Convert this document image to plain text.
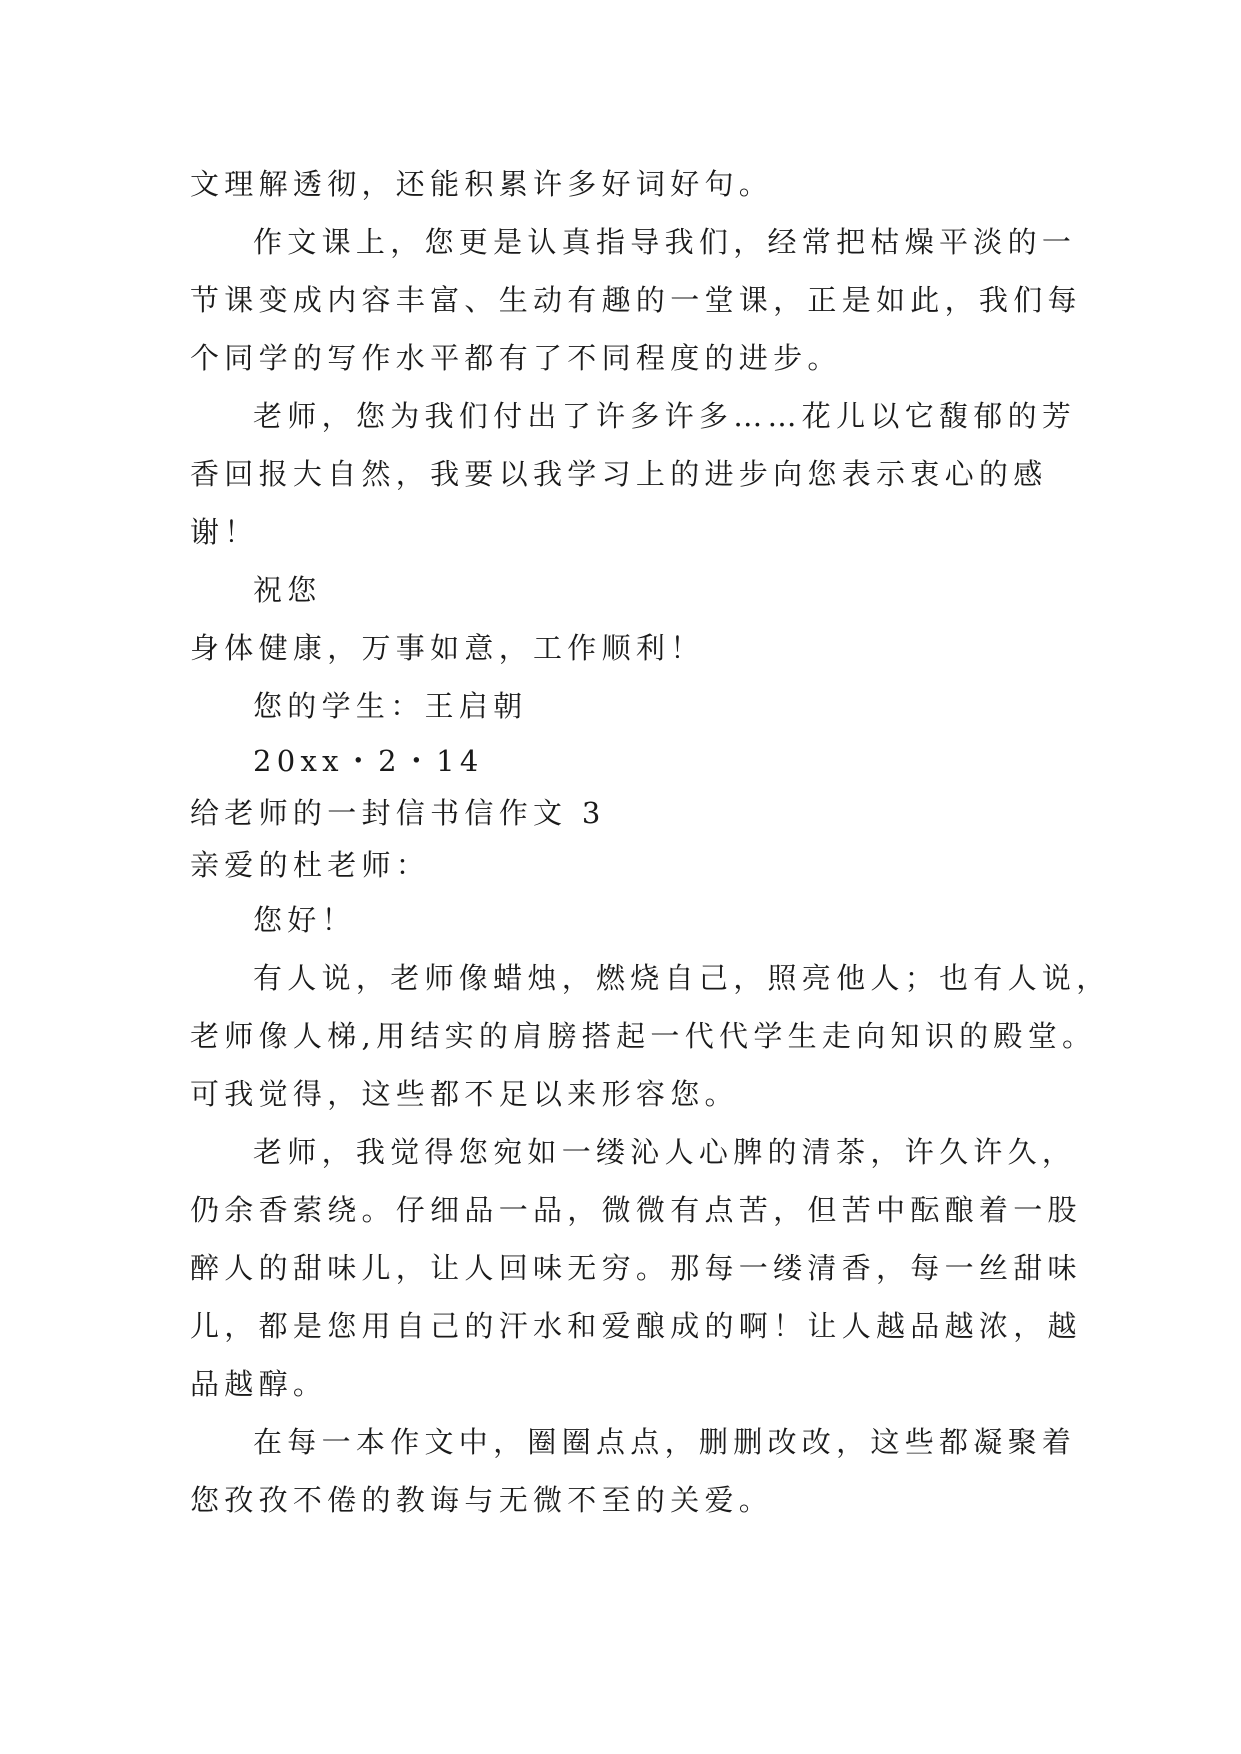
文理解透彻，还能积累许多好词好句。
作文课上，您更是认真指导我们，经常把枯燥平淡的一
节课变成内容丰富、生动有趣的一堂课，正是如此，我们每
个同学的写作水平都有了不同程度的进步。
老师，您为我们付出了许多许多……花儿以它馥郁的芳
香回报大自然，我要以我学习上的进步向您表示衷心的感
谢！
祝您
身体健康，万事如意，工作顺利！
您的学生：王启朝
20xx・2・14
给老师的一封信书信作文 3
亲爱的杜老师：
您好！
有人说，老师像蜡烛，燃烧自己，照亮他人；也有人说，
老师像人梯,用结实的肩膀搭起一代代学生走向知识的殿堂。
可我觉得，这些都不足以来形容您。
老师，我觉得您宛如一缕沁人心脾的清茶，许久许久，
仍余香萦绕。仔细品一品，微微有点苦，但苦中酝酿着一股
醉人的甜味儿，让人回味无穷。那每一缕清香，每一丝甜味
儿，都是您用自己的汗水和爱酿成的啊！让人越品越浓，越
品越醇。
在每一本作文中，圈圈点点，删删改改，这些都凝聚着
您孜孜不倦的教诲与无微不至的关爱。
